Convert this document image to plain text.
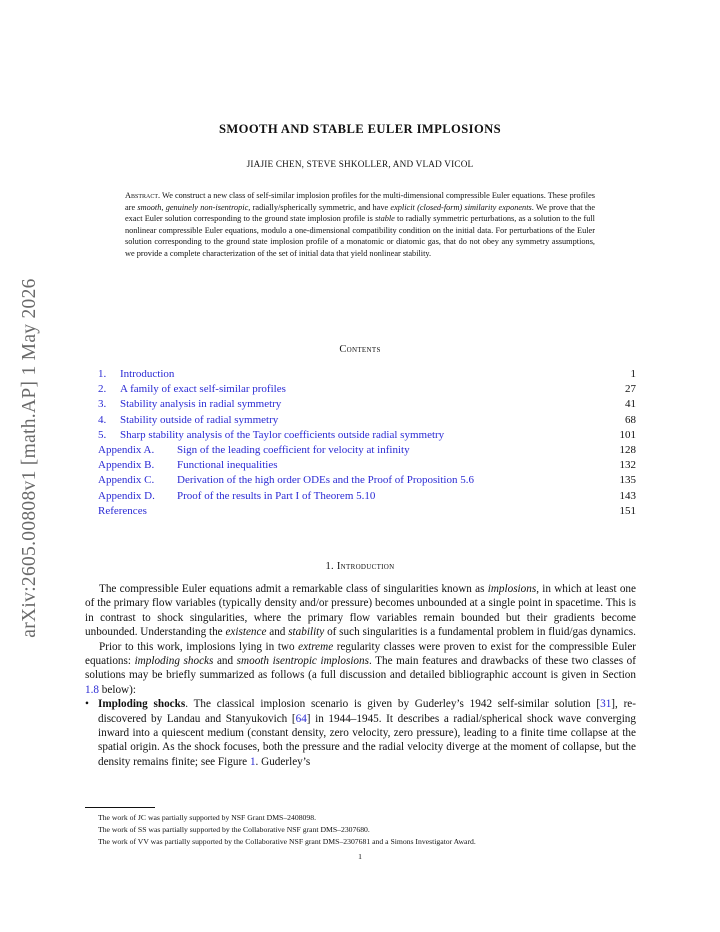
arXiv:2605.00808v1 [math.AP] 1 May 2026
SMOOTH AND STABLE EULER IMPLOSIONS
JIAJIE CHEN, STEVE SHKOLLER, AND VLAD VICOL
Abstract. We construct a new class of self-similar implosion profiles for the multi-dimensional compressible Euler equations. These profiles are smooth, genuinely non-isentropic, radially/spherically symmetric, and have explicit (closed-form) similarity exponents. We prove that the exact Euler solution corresponding to the ground state implosion profile is stable to radially symmetric perturbations, as a solution to the full nonlinear compressible Euler equations, modulo a one-dimensional compatibility condition on the initial data. For perturbations of the Euler solution corresponding to the ground state implosion profile of a monatomic or diatomic gas, that do not obey any symmetry assumptions, we provide a complete characterization of the set of initial data that yield nonlinear stability.
Contents
1. Introduction	1
2. A family of exact self-similar profiles	27
3. Stability analysis in radial symmetry	41
4. Stability outside of radial symmetry	68
5. Sharp stability analysis of the Taylor coefficients outside radial symmetry	101
Appendix A. Sign of the leading coefficient for velocity at infinity	128
Appendix B. Functional inequalities	132
Appendix C. Derivation of the high order ODEs and the Proof of Proposition 5.6	135
Appendix D. Proof of the results in Part I of Theorem 5.10	143
References	151
1. Introduction

The compressible Euler equations admit a remarkable class of singularities known as implosions, in which at least one of the primary flow variables (typically density and/or pressure) becomes unbounded at a single point in spacetime. This is in contrast to shock singularities, where the primary flow variables remain bounded but their gradients become unbounded. Understanding the existence and stability of such singularities is a fundamental problem in fluid/gas dynamics.

Prior to this work, implosions lying in two extreme regularity classes were proven to exist for the compressible Euler equations: imploding shocks and smooth isentropic implosions. The main features and drawbacks of these two classes of solutions may be briefly summarized as follows (a full discussion and detailed bibliographic account is given in Section 1.8 below):

• Imploding shocks. The classical implosion scenario is given by Guderley’s 1942 self-similar solution [31], re-discovered by Landau and Stanyukovich [64] in 1944–1945. It describes a radial/spherical shock wave converging inward into a quiescent medium (constant density, zero velocity, zero pressure), leading to a finite time collapse at the spatial origin. As the shock focuses, both the pressure and the radial velocity diverge at the moment of collapse, but the density remains finite; see Figure 1. Guderley’s
The work of JC was partially supported by NSF Grant DMS–2408098.
The work of SS was partially supported by the Collaborative NSF grant DMS–2307680.
The work of VV was partially supported by the Collaborative NSF grant DMS–2307681 and a Simons Investigator Award.
1
